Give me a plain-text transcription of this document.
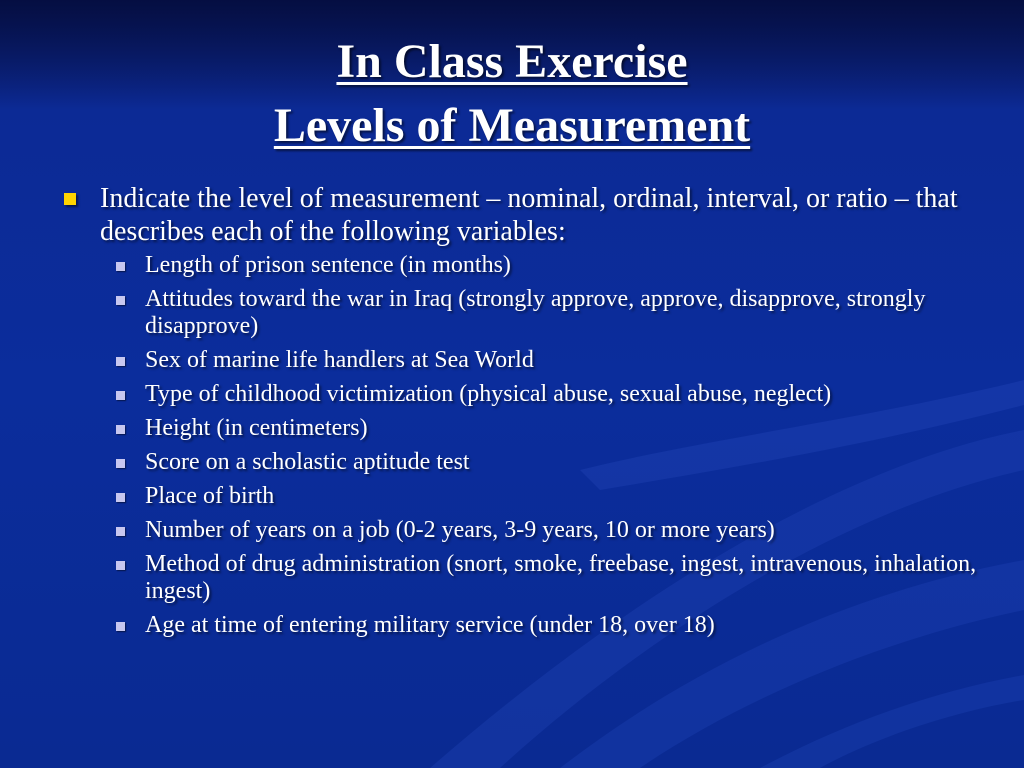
In Class Exercise
Levels of Measurement
Indicate the level of measurement – nominal, ordinal, interval, or ratio – that describes each of the following variables:
Length of prison sentence (in months)
Attitudes toward the war in Iraq (strongly approve, approve, disapprove, strongly disapprove)
Sex of marine life handlers at Sea World
Type of childhood victimization (physical abuse, sexual abuse, neglect)
Height (in centimeters)
Score on a scholastic aptitude test
Place of birth
Number of years on a job (0-2 years, 3-9 years, 10 or more years)
Method of drug administration (snort, smoke, freebase, ingest, intravenous, inhalation, ingest)
Age at time of entering military service (under 18, over 18)
